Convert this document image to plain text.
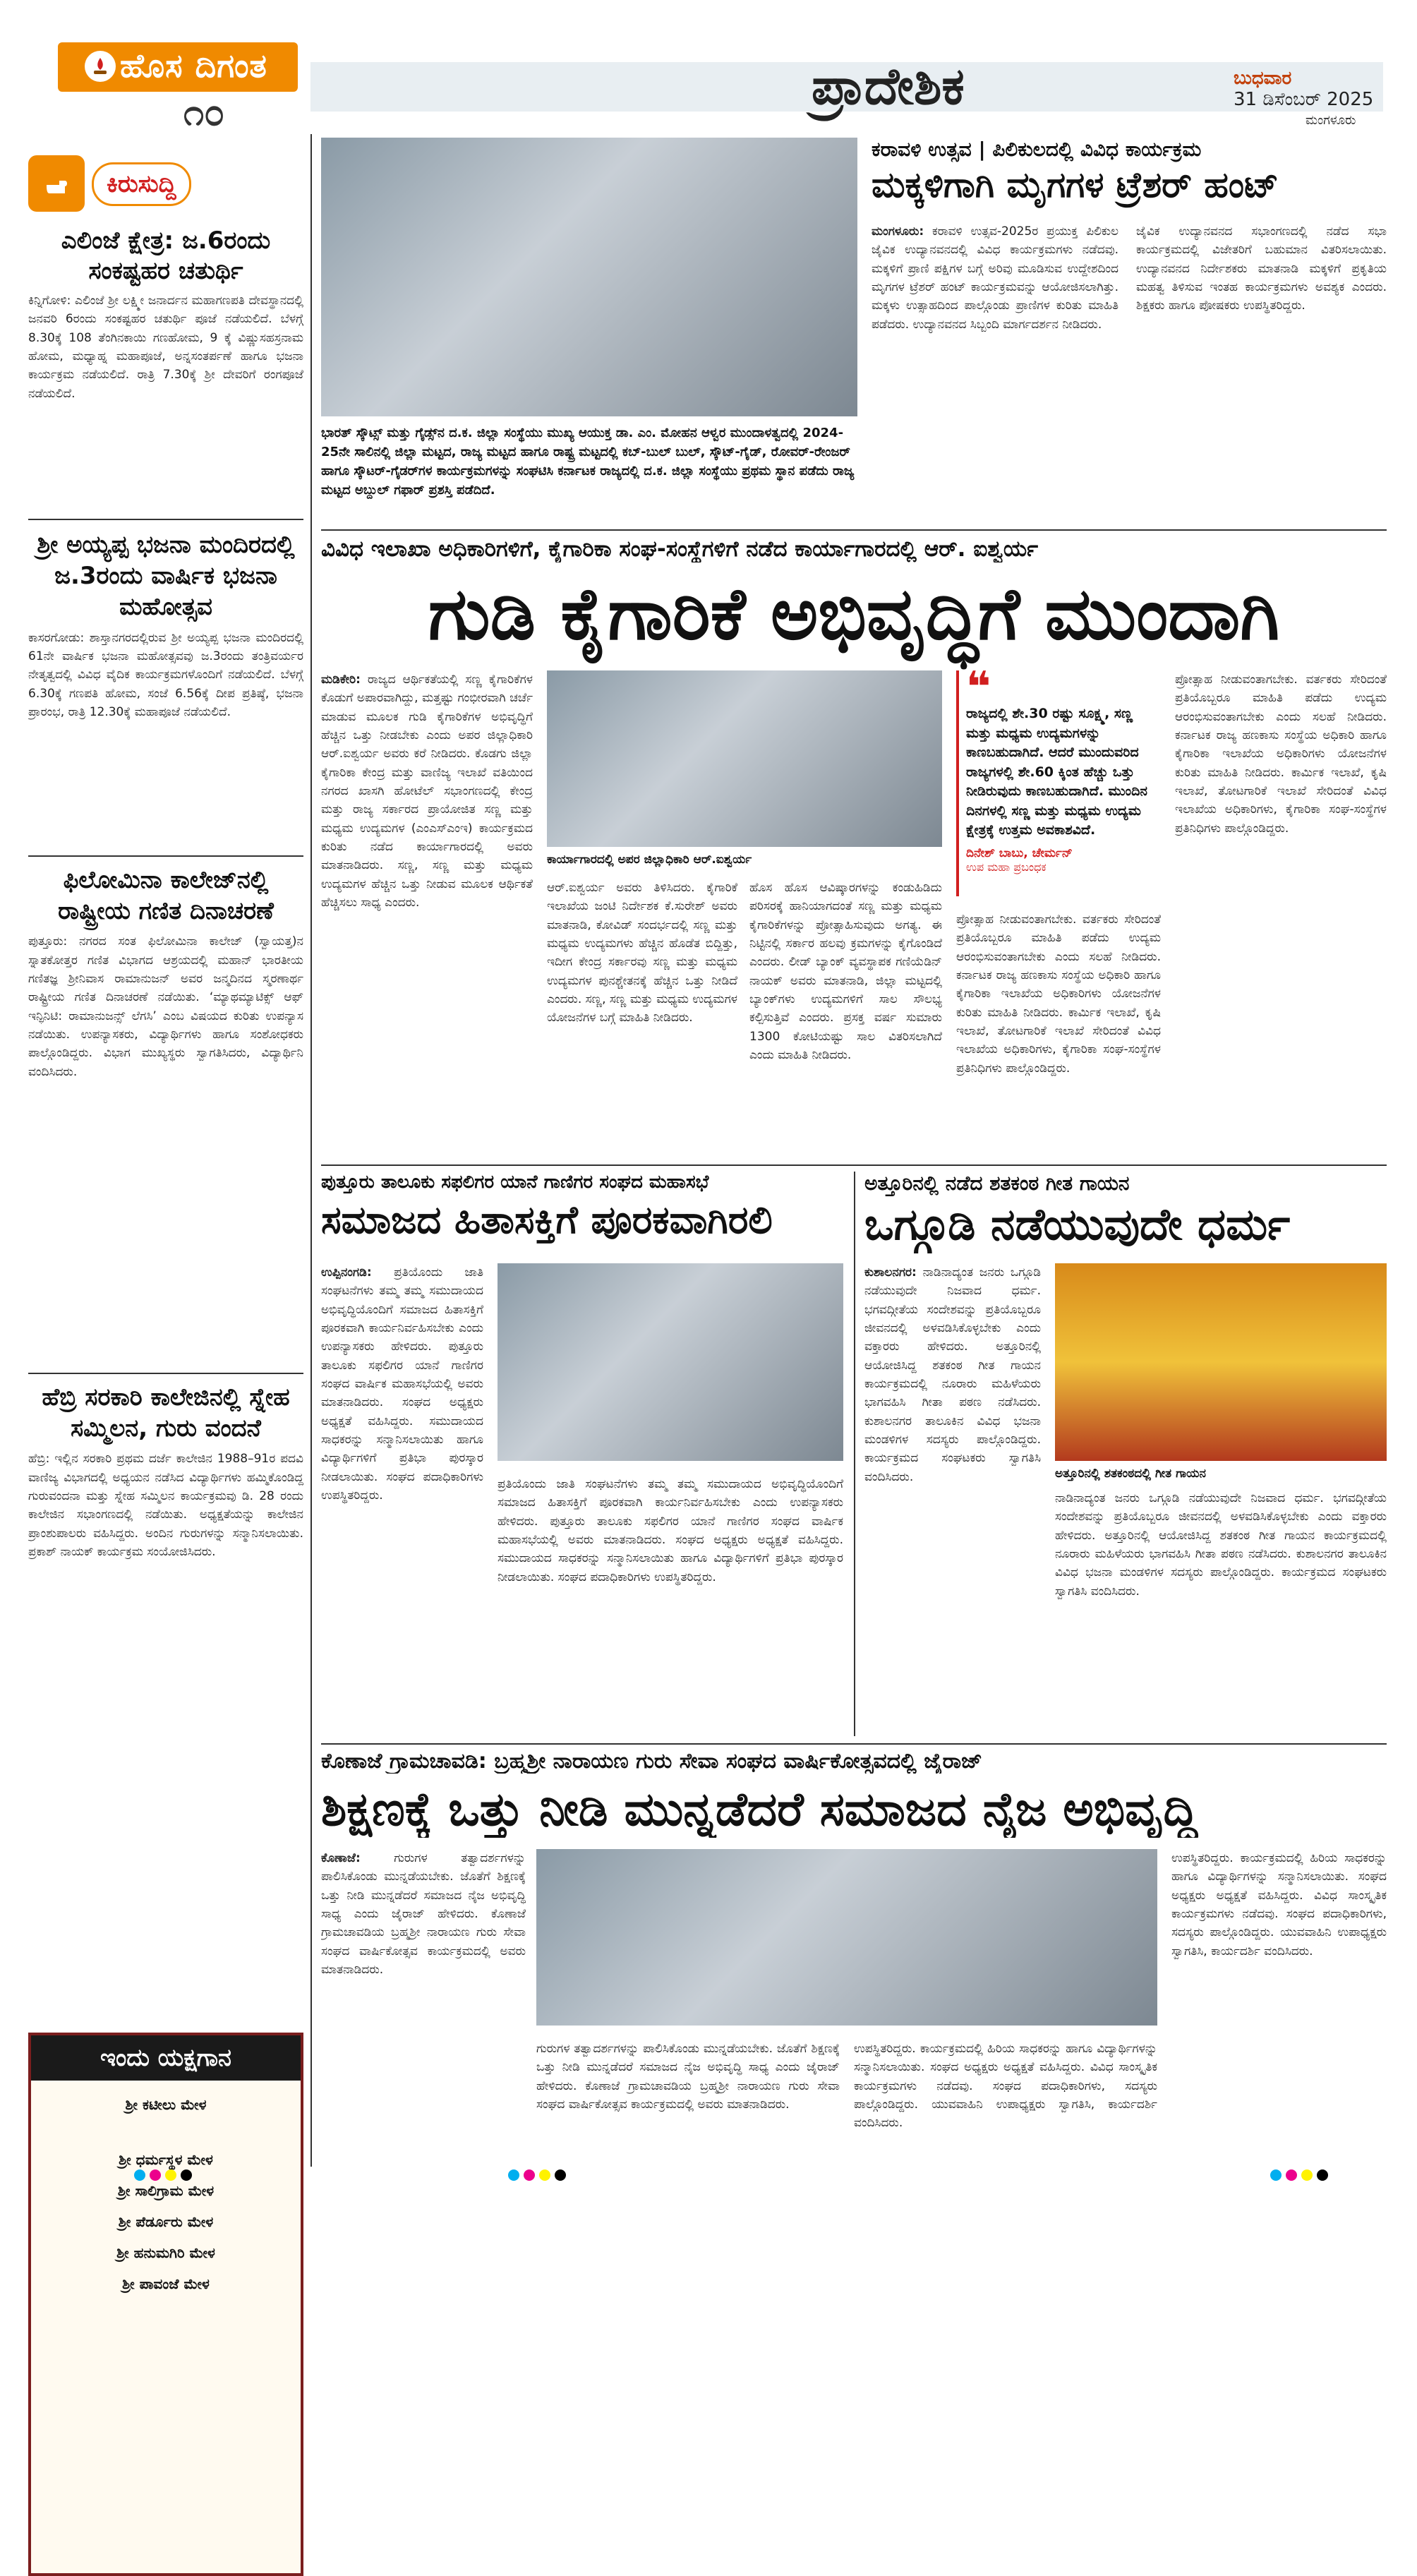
ಹೊಸ ದಿಗಂತ
೧೦	ಪ್ರಾದೇಶಿಕ	ಬುಧವಾರ
31 ಡಿಸೆಂಬರ್ 2025
ಮಂಗಳೂರು
ಕಿರುಸುದ್ದಿ
ಎಲಿಂಜೆ ಕ್ಷೇತ್ರ: ಜ.6ರಂದು ಸಂಕಷ್ಟಹರ ಚತುರ್ಥಿ
ಕಿನ್ನಿಗೋಳಿ: ಎಲಿಂಜೆ ಶ್ರೀ ಲಕ್ಷ್ಮೀ ಜನಾರ್ದನ ಮಹಾಗಣಪತಿ ದೇವಸ್ಥಾನದಲ್ಲಿ ಜನವರಿ 6ರಂದು ಸಂಕಷ್ಟಹರ ಚತುರ್ಥಿ ಪೂಜೆ ನಡೆಯಲಿದೆ. ಬೆಳಗ್ಗೆ 8.30ಕ್ಕೆ 108 ತೆಂಗಿನಕಾಯಿ ಗಣಹೋಮ, 9 ಕ್ಕೆ ವಿಷ್ಣುಸಹಸ್ರನಾಮ ಹೋಮ, ಮಧ್ಯಾಹ್ನ ಮಹಾಪೂಜೆ, ಅನ್ನಸಂತರ್ಪಣೆ ಹಾಗೂ ಭಜನಾ ಕಾರ್ಯಕ್ರಮ ನಡೆಯಲಿದೆ. ರಾತ್ರಿ 7.30ಕ್ಕೆ ಶ್ರೀ ದೇವರಿಗೆ ರಂಗಪೂಜೆ ನಡೆಯಲಿದೆ.
ಶ್ರೀ ಅಯ್ಯಪ್ಪ ಭಜನಾ ಮಂದಿರದಲ್ಲಿ ಜ.3ರಂದು ವಾರ್ಷಿಕ ಭಜನಾ ಮಹೋತ್ಸವ
ಕಾಸರಗೋಡು: ಶಾಸ್ತಾನಗರದಲ್ಲಿರುವ ಶ್ರೀ ಅಯ್ಯಪ್ಪ ಭಜನಾ ಮಂದಿರದಲ್ಲಿ 61ನೇ ವಾರ್ಷಿಕ ಭಜನಾ ಮಹೋತ್ಸವವು ಜ.3ರಂದು ತಂತ್ರಿವರ್ಯರ ನೇತೃತ್ವದಲ್ಲಿ ವಿವಿಧ ವೈದಿಕ ಕಾರ್ಯಕ್ರಮಗಳೊಂದಿಗೆ ನಡೆಯಲಿದೆ. ಬೆಳಗ್ಗೆ 6.30ಕ್ಕೆ ಗಣಪತಿ ಹೋಮ, ಸಂಜೆ 6.56ಕ್ಕೆ ದೀಪ ಪ್ರತಿಷ್ಠೆ, ಭಜನಾ ಪ್ರಾರಂಭ, ರಾತ್ರಿ 12.30ಕ್ಕೆ ಮಹಾಪೂಜೆ ನಡೆಯಲಿದೆ.
ಫಿಲೋಮಿನಾ ಕಾಲೇಜ್‌ನಲ್ಲಿ ರಾಷ್ಟ್ರೀಯ ಗಣಿತ ದಿನಾಚರಣೆ
ಪುತ್ತೂರು: ನಗರದ ಸಂತ ಫಿಲೋಮಿನಾ ಕಾಲೇಜ್ (ಸ್ವಾಯತ್ತ)ನ ಸ್ನಾತಕೋತ್ತರ ಗಣಿತ ವಿಭಾಗದ ಆಶ್ರಯದಲ್ಲಿ ಮಹಾನ್ ಭಾರತೀಯ ಗಣಿತಜ್ಞ ಶ್ರೀನಿವಾಸ ರಾಮಾನುಜನ್ ಅವರ ಜನ್ಮದಿನದ ಸ್ಮರಣಾರ್ಥ ರಾಷ್ಟ್ರೀಯ ಗಣಿತ ದಿನಾಚರಣೆ ನಡೆಯಿತು. ‘ಮ್ಯಾಥಮ್ಯಾಟಿಕ್ಸ್ ಆಫ್ ಇನ್ಫಿನಿಟಿ: ರಾಮಾನುಜನ್ಸ್ ಲೆಗಸಿ’ ಎಂಬ ವಿಷಯದ ಕುರಿತು ಉಪನ್ಯಾಸ ನಡೆಯಿತು. ಉಪನ್ಯಾಸಕರು, ವಿದ್ಯಾರ್ಥಿಗಳು ಹಾಗೂ ಸಂಶೋಧಕರು ಪಾಲ್ಗೊಂಡಿದ್ದರು. ವಿಭಾಗ ಮುಖ್ಯಸ್ಥರು ಸ್ವಾಗತಿಸಿದರು, ವಿದ್ಯಾರ್ಥಿನಿ ವಂದಿಸಿದರು.
ಹೆಬ್ರಿ ಸರಕಾರಿ ಕಾಲೇಜಿನಲ್ಲಿ ಸ್ನೇಹ ಸಮ್ಮಿಲನ, ಗುರು ವಂದನೆ
ಹೆಬ್ರಿ: ಇಲ್ಲಿನ ಸರಕಾರಿ ಪ್ರಥಮ ದರ್ಜೆ ಕಾಲೇಜಿನ 1988–91ರ ಪದವಿ ವಾಣಿಜ್ಯ ವಿಭಾಗದಲ್ಲಿ ಅಧ್ಯಯನ ನಡೆಸಿದ ವಿದ್ಯಾರ್ಥಿಗಳು ಹಮ್ಮಿಕೊಂಡಿದ್ದ ಗುರುವಂದನಾ ಮತ್ತು ಸ್ನೇಹ ಸಮ್ಮಿಲನ ಕಾರ್ಯಕ್ರಮವು ಡಿ. 28 ರಂದು ಕಾಲೇಜಿನ ಸಭಾಂಗಣದಲ್ಲಿ ನಡೆಯಿತು. ಅಧ್ಯಕ್ಷತೆಯನ್ನು ಕಾಲೇಜಿನ ಪ್ರಾಂಶುಪಾಲರು ವಹಿಸಿದ್ದರು. ಅಂದಿನ ಗುರುಗಳನ್ನು ಸನ್ಮಾನಿಸಲಾಯಿತು. ಪ್ರಕಾಶ್ ನಾಯಕ್ ಕಾರ್ಯಕ್ರಮ ಸಂಯೋಜಿಸಿದರು.
ಇಂದು ಯಕ್ಷಗಾನ
ಶ್ರೀ ಕಟೀಲು ಮೇಳ
ಶ್ರೀ ಧರ್ಮಸ್ಥಳ ಮೇಳ
ಶ್ರೀ ಸಾಲಿಗ್ರಾಮ ಮೇಳ
ಶ್ರೀ ಪೆರ್ಡೂರು ಮೇಳ
ಶ್ರೀ ಹನುಮಗಿರಿ ಮೇಳ
ಶ್ರೀ ಪಾವಂಜೆ ಮೇಳ
ಭಾರತ್ ಸ್ಕೌಟ್ಸ್ ಮತ್ತು ಗೈಡ್ಸ್‌ನ ದ.ಕ. ಜಿಲ್ಲಾ ಸಂಸ್ಥೆಯು ಮುಖ್ಯ ಆಯುಕ್ತ ಡಾ. ಎಂ. ಮೋಹನ ಆಳ್ವರ ಮುಂದಾಳತ್ವದಲ್ಲಿ 2024-25ನೇ ಸಾಲಿನಲ್ಲಿ ಜಿಲ್ಲಾ ಮಟ್ಟದ, ರಾಜ್ಯ ಮಟ್ಟದ ಹಾಗೂ ರಾಷ್ಟ್ರ ಮಟ್ಟದಲ್ಲಿ ಕಬ್-ಬುಲ್ ಬುಲ್, ಸ್ಕೌಟ್-ಗೈಡ್, ರೋವರ್-ರೇಂಜರ್ ಹಾಗೂ ಸ್ಕೌಟರ್-ಗೈಡರ್‌ಗಳ ಕಾರ್ಯಕ್ರಮಗಳನ್ನು ಸಂಘಟಿಸಿ ಕರ್ನಾಟಕ ರಾಜ್ಯದಲ್ಲಿ ದ.ಕ. ಜಿಲ್ಲಾ ಸಂಸ್ಥೆಯು ಪ್ರಥಮ ಸ್ಥಾನ ಪಡೆದು ರಾಜ್ಯ ಮಟ್ಟದ ಅಬ್ದುಲ್ ಗಫಾರ್ ಪ್ರಶಸ್ತಿ ಪಡೆದಿದೆ.
ಕರಾವಳಿ ಉತ್ಸವ | ಪಿಲಿಕುಲದಲ್ಲಿ ವಿವಿಧ ಕಾರ್ಯಕ್ರಮ
ಮಕ್ಕಳಿಗಾಗಿ ಮೃಗಗಳ ಟ್ರೆಶರ್ ಹಂಟ್
ಮಂಗಳೂರು: ಕರಾವಳಿ ಉತ್ಸವ-2025ರ ಪ್ರಯುಕ್ತ ಪಿಲಿಕುಲ ಜೈವಿಕ ಉದ್ಯಾನವನದಲ್ಲಿ ವಿವಿಧ ಕಾರ್ಯಕ್ರಮಗಳು ನಡೆದವು. ಮಕ್ಕಳಿಗೆ ಪ್ರಾಣಿ ಪಕ್ಷಿಗಳ ಬಗ್ಗೆ ಅರಿವು ಮೂಡಿಸುವ ಉದ್ದೇಶದಿಂದ ಮೃಗಗಳ ಟ್ರೆಶರ್ ಹಂಟ್ ಕಾರ್ಯಕ್ರಮವನ್ನು ಆಯೋಜಿಸಲಾಗಿತ್ತು. ಮಕ್ಕಳು ಉತ್ಸಾಹದಿಂದ ಪಾಲ್ಗೊಂಡು ಪ್ರಾಣಿಗಳ ಕುರಿತು ಮಾಹಿತಿ ಪಡೆದರು. ಉದ್ಯಾನವನದ ಸಿಬ್ಬಂದಿ ಮಾರ್ಗದರ್ಶನ ನೀಡಿದರು.
ಜೈವಿಕ ಉದ್ಯಾನವನದ ಸಭಾಂಗಣದಲ್ಲಿ ನಡೆದ ಸಭಾ ಕಾರ್ಯಕ್ರಮದಲ್ಲಿ ವಿಜೇತರಿಗೆ ಬಹುಮಾನ ವಿತರಿಸಲಾಯಿತು. ಉದ್ಯಾನವನದ ನಿರ್ದೇಶಕರು ಮಾತನಾಡಿ ಮಕ್ಕಳಿಗೆ ಪ್ರಕೃತಿಯ ಮಹತ್ವ ತಿಳಿಸುವ ಇಂತಹ ಕಾರ್ಯಕ್ರಮಗಳು ಅವಶ್ಯಕ ಎಂದರು. ಶಿಕ್ಷಕರು ಹಾಗೂ ಪೋಷಕರು ಉಪಸ್ಥಿತರಿದ್ದರು.
ವಿವಿಧ ಇಲಾಖಾ ಅಧಿಕಾರಿಗಳಿಗೆ, ಕೈಗಾರಿಕಾ ಸಂಘ-ಸಂಸ್ಥೆಗಳಿಗೆ ನಡೆದ ಕಾರ್ಯಾಗಾರದಲ್ಲಿ ಆರ್. ಐಶ್ವರ್ಯ
ಗುಡಿ ಕೈಗಾರಿಕೆ ಅಭಿವೃದ್ಧಿಗೆ ಮುಂದಾಗಿ
ಮಡಿಕೇರಿ: ರಾಜ್ಯದ ಆರ್ಥಿಕತೆಯಲ್ಲಿ ಸಣ್ಣ ಕೈಗಾರಿಕೆಗಳ ಕೊಡುಗೆ ಅಪಾರವಾಗಿದ್ದು, ಮತ್ತಷ್ಟು ಗಂಭೀರವಾಗಿ ಚರ್ಚೆ ಮಾಡುವ ಮೂಲಕ ಗುಡಿ ಕೈಗಾರಿಕೆಗಳ ಅಭಿವೃದ್ಧಿಗೆ ಹೆಚ್ಚಿನ ಒತ್ತು ನೀಡಬೇಕು ಎಂದು ಅಪರ ಜಿಲ್ಲಾಧಿಕಾರಿ ಆರ್.ಐಶ್ವರ್ಯ ಅವರು ಕರೆ ನೀಡಿದರು. ಕೊಡಗು ಜಿಲ್ಲಾ ಕೈಗಾರಿಕಾ ಕೇಂದ್ರ ಮತ್ತು ವಾಣಿಜ್ಯ ಇಲಾಖೆ ವತಿಯಿಂದ ನಗರದ ಖಾಸಗಿ ಹೋಟೆಲ್ ಸಭಾಂಗಣದಲ್ಲಿ ಕೇಂದ್ರ ಮತ್ತು ರಾಜ್ಯ ಸರ್ಕಾರದ ಪ್ರಾಯೋಜಿತ ಸಣ್ಣ ಮತ್ತು ಮಧ್ಯಮ ಉದ್ಯಮಗಳ (ಎಂಎಸ್‌ಎಂಇ) ಕಾರ್ಯಕ್ರಮದ ಕುರಿತು ನಡೆದ ಕಾರ್ಯಾಗಾರದಲ್ಲಿ ಅವರು ಮಾತನಾಡಿದರು. ಸಣ್ಣ, ಸಣ್ಣ ಮತ್ತು ಮಧ್ಯಮ ಉದ್ಯಮಗಳ ಹೆಚ್ಚಿನ ಒತ್ತು ನೀಡುವ ಮೂಲಕ ಆರ್ಥಿಕತೆ ಹೆಚ್ಚಿಸಲು ಸಾಧ್ಯ ಎಂದರು.
ಕಾರ್ಯಾಗಾರದಲ್ಲಿ ಅಪರ ಜಿಲ್ಲಾಧಿಕಾರಿ ಆರ್.ಐಶ್ವರ್ಯ
ಆರ್.ಐಶ್ವರ್ಯ ಅವರು ತಿಳಿಸಿದರು. ಕೈಗಾರಿಕೆ ಇಲಾಖೆಯ ಜಂಟಿ ನಿರ್ದೇಶಕ ಕೆ.ಸುರೇಶ್ ಅವರು ಮಾತನಾಡಿ, ಕೋವಿಡ್ ಸಂದರ್ಭದಲ್ಲಿ ಸಣ್ಣ ಮತ್ತು ಮಧ್ಯಮ ಉದ್ಯಮಗಳು ಹೆಚ್ಚಿನ ಹೊಡೆತ ಬಿದ್ದಿತ್ತು, ಇದೀಗ ಕೇಂದ್ರ ಸರ್ಕಾರವು ಸಣ್ಣ ಮತ್ತು ಮಧ್ಯಮ ಉದ್ಯಮಗಳ ಪುನಶ್ಚೇತನಕ್ಕೆ ಹೆಚ್ಚಿನ ಒತ್ತು ನೀಡಿದೆ ಎಂದರು. ಸಣ್ಣ, ಸಣ್ಣ ಮತ್ತು ಮಧ್ಯಮ ಉದ್ಯಮಗಳ ಯೋಜನೆಗಳ ಬಗ್ಗೆ ಮಾಹಿತಿ ನೀಡಿದರು.
ಹೊಸ ಹೊಸ ಆವಿಷ್ಕಾರಗಳನ್ನು ಕಂಡುಹಿಡಿದು ಪರಿಸರಕ್ಕೆ ಹಾನಿಯಾಗದಂತೆ ಸಣ್ಣ ಮತ್ತು ಮಧ್ಯಮ ಕೈಗಾರಿಕೆಗಳನ್ನು ಪ್ರೋತ್ಸಾಹಿಸುವುದು ಅಗತ್ಯ. ಈ ನಿಟ್ಟಿನಲ್ಲಿ ಸರ್ಕಾರ ಹಲವು ಕ್ರಮಗಳನ್ನು ಕೈಗೊಂಡಿದೆ ಎಂದರು. ಲೀಡ್ ಬ್ಯಾಂಕ್ ವ್ಯವಸ್ಥಾಪಕ ಗಣಿಯೆಡಿನ್ ನಾಯಕ್ ಅವರು ಮಾತನಾಡಿ, ಜಿಲ್ಲಾ ಮಟ್ಟದಲ್ಲಿ ಬ್ಯಾಂಕ್‌ಗಳು ಉದ್ಯಮಗಳಿಗೆ ಸಾಲ ಸೌಲಭ್ಯ ಕಲ್ಪಿಸುತ್ತಿವೆ ಎಂದರು. ಪ್ರಸಕ್ತ ವರ್ಷ ಸುಮಾರು 1300 ಕೋಟಿಯಷ್ಟು ಸಾಲ ವಿತರಿಸಲಾಗಿದೆ ಎಂದು ಮಾಹಿತಿ ನೀಡಿದರು.
❝
ರಾಜ್ಯದಲ್ಲಿ ಶೇ.30 ರಷ್ಟು ಸೂಕ್ಷ್ಮ, ಸಣ್ಣ ಮತ್ತು ಮಧ್ಯಮ ಉದ್ಯಮಗಳನ್ನು ಕಾಣಬಹುದಾಗಿದೆ. ಆದರೆ ಮುಂದುವರಿದ ರಾಜ್ಯಗಳಲ್ಲಿ ಶೇ.60 ಕ್ಕಿಂತ ಹೆಚ್ಚು ಒತ್ತು ನೀಡಿರುವುದು ಕಾಣಬಹುದಾಗಿದೆ. ಮುಂದಿನ ದಿನಗಳಲ್ಲಿ ಸಣ್ಣ ಮತ್ತು ಮಧ್ಯಮ ಉದ್ಯಮ ಕ್ಷೇತ್ರಕ್ಕೆ ಉತ್ತಮ ಅವಕಾಶವಿದೆ.
ದಿನೇಶ್ ಬಾಬು, ಚೇರ್ಮನ್
ಉಪ ಮಹಾ ಪ್ರಬಂಧಕ
ಪ್ರೋತ್ಸಾಹ ನೀಡುವಂತಾಗಬೇಕು. ವರ್ತಕರು ಸೇರಿದಂತೆ ಪ್ರತಿಯೊಬ್ಬರೂ ಮಾಹಿತಿ ಪಡೆದು ಉದ್ಯಮ ಆರಂಭಿಸುವಂತಾಗಬೇಕು ಎಂದು ಸಲಹೆ ನೀಡಿದರು. ಕರ್ನಾಟಕ ರಾಜ್ಯ ಹಣಕಾಸು ಸಂಸ್ಥೆಯ ಅಧಿಕಾರಿ ಹಾಗೂ ಕೈಗಾರಿಕಾ ಇಲಾಖೆಯ ಅಧಿಕಾರಿಗಳು ಯೋಜನೆಗಳ ಕುರಿತು ಮಾಹಿತಿ ನೀಡಿದರು. ಕಾರ್ಮಿಕ ಇಲಾಖೆ, ಕೃಷಿ ಇಲಾಖೆ, ತೋಟಗಾರಿಕೆ ಇಲಾಖೆ ಸೇರಿದಂತೆ ವಿವಿಧ ಇಲಾಖೆಯ ಅಧಿಕಾರಿಗಳು, ಕೈಗಾರಿಕಾ ಸಂಘ-ಸಂಸ್ಥೆಗಳ ಪ್ರತಿನಿಧಿಗಳು ಪಾಲ್ಗೊಂಡಿದ್ದರು.
ಪ್ರೋತ್ಸಾಹ ನೀಡುವಂತಾಗಬೇಕು. ವರ್ತಕರು ಸೇರಿದಂತೆ ಪ್ರತಿಯೊಬ್ಬರೂ ಮಾಹಿತಿ ಪಡೆದು ಉದ್ಯಮ ಆರಂಭಿಸುವಂತಾಗಬೇಕು ಎಂದು ಸಲಹೆ ನೀಡಿದರು. ಕರ್ನಾಟಕ ರಾಜ್ಯ ಹಣಕಾಸು ಸಂಸ್ಥೆಯ ಅಧಿಕಾರಿ ಹಾಗೂ ಕೈಗಾರಿಕಾ ಇಲಾಖೆಯ ಅಧಿಕಾರಿಗಳು ಯೋಜನೆಗಳ ಕುರಿತು ಮಾಹಿತಿ ನೀಡಿದರು. ಕಾರ್ಮಿಕ ಇಲಾಖೆ, ಕೃಷಿ ಇಲಾಖೆ, ತೋಟಗಾರಿಕೆ ಇಲಾಖೆ ಸೇರಿದಂತೆ ವಿವಿಧ ಇಲಾಖೆಯ ಅಧಿಕಾರಿಗಳು, ಕೈಗಾರಿಕಾ ಸಂಘ-ಸಂಸ್ಥೆಗಳ ಪ್ರತಿನಿಧಿಗಳು ಪಾಲ್ಗೊಂಡಿದ್ದರು.
ಪುತ್ತೂರು ತಾಲೂಕು ಸಫಲಿಗರ ಯಾನೆ ಗಾಣಿಗರ ಸಂಘದ ಮಹಾಸಭೆ
ಸಮಾಜದ ಹಿತಾಸಕ್ತಿಗೆ ಪೂರಕವಾಗಿರಲಿ
ಉಪ್ಪಿನಂಗಡಿ: ಪ್ರತಿಯೊಂದು ಜಾತಿ ಸಂಘಟನೆಗಳು ತಮ್ಮ ತಮ್ಮ ಸಮುದಾಯದ ಅಭಿವೃದ್ಧಿಯೊಂದಿಗೆ ಸಮಾಜದ ಹಿತಾಸಕ್ತಿಗೆ ಪೂರಕವಾಗಿ ಕಾರ್ಯನಿರ್ವಹಿಸಬೇಕು ಎಂದು ಉಪನ್ಯಾಸಕರು ಹೇಳಿದರು. ಪುತ್ತೂರು ತಾಲೂಕು ಸಫಲಿಗರ ಯಾನೆ ಗಾಣಿಗರ ಸಂಘದ ವಾರ್ಷಿಕ ಮಹಾಸಭೆಯಲ್ಲಿ ಅವರು ಮಾತನಾಡಿದರು. ಸಂಘದ ಅಧ್ಯಕ್ಷರು ಅಧ್ಯಕ್ಷತೆ ವಹಿಸಿದ್ದರು. ಸಮುದಾಯದ ಸಾಧಕರನ್ನು ಸನ್ಮಾನಿಸಲಾಯಿತು ಹಾಗೂ ವಿದ್ಯಾರ್ಥಿಗಳಿಗೆ ಪ್ರತಿಭಾ ಪುರಸ್ಕಾರ ನೀಡಲಾಯಿತು. ಸಂಘದ ಪದಾಧಿಕಾರಿಗಳು ಉಪಸ್ಥಿತರಿದ್ದರು.
ಪ್ರತಿಯೊಂದು ಜಾತಿ ಸಂಘಟನೆಗಳು ತಮ್ಮ ತಮ್ಮ ಸಮುದಾಯದ ಅಭಿವೃದ್ಧಿಯೊಂದಿಗೆ ಸಮಾಜದ ಹಿತಾಸಕ್ತಿಗೆ ಪೂರಕವಾಗಿ ಕಾರ್ಯನಿರ್ವಹಿಸಬೇಕು ಎಂದು ಉಪನ್ಯಾಸಕರು ಹೇಳಿದರು. ಪುತ್ತೂರು ತಾಲೂಕು ಸಫಲಿಗರ ಯಾನೆ ಗಾಣಿಗರ ಸಂಘದ ವಾರ್ಷಿಕ ಮಹಾಸಭೆಯಲ್ಲಿ ಅವರು ಮಾತನಾಡಿದರು. ಸಂಘದ ಅಧ್ಯಕ್ಷರು ಅಧ್ಯಕ್ಷತೆ ವಹಿಸಿದ್ದರು. ಸಮುದಾಯದ ಸಾಧಕರನ್ನು ಸನ್ಮಾನಿಸಲಾಯಿತು ಹಾಗೂ ವಿದ್ಯಾರ್ಥಿಗಳಿಗೆ ಪ್ರತಿಭಾ ಪುರಸ್ಕಾರ ನೀಡಲಾಯಿತು. ಸಂಘದ ಪದಾಧಿಕಾರಿಗಳು ಉಪಸ್ಥಿತರಿದ್ದರು.
ಅತ್ತೂರಿನಲ್ಲಿ ನಡೆದ ಶತಕಂಠ ಗೀತ ಗಾಯನ
ಒಗ್ಗೂಡಿ ನಡೆಯುವುದೇ ಧರ್ಮ
ಕುಶಾಲನಗರ: ನಾಡಿನಾದ್ಯಂತ ಜನರು ಒಗ್ಗೂಡಿ ನಡೆಯುವುದೇ ನಿಜವಾದ ಧರ್ಮ. ಭಗವದ್ಗೀತೆಯ ಸಂದೇಶವನ್ನು ಪ್ರತಿಯೊಬ್ಬರೂ ಜೀವನದಲ್ಲಿ ಅಳವಡಿಸಿಕೊಳ್ಳಬೇಕು ಎಂದು ವಕ್ತಾರರು ಹೇಳಿದರು. ಅತ್ತೂರಿನಲ್ಲಿ ಆಯೋಜಿಸಿದ್ದ ಶತಕಂಠ ಗೀತ ಗಾಯನ ಕಾರ್ಯಕ್ರಮದಲ್ಲಿ ನೂರಾರು ಮಹಿಳೆಯರು ಭಾಗವಹಿಸಿ ಗೀತಾ ಪಠಣ ನಡೆಸಿದರು. ಕುಶಾಲನಗರ ತಾಲೂಕಿನ ವಿವಿಧ ಭಜನಾ ಮಂಡಳಿಗಳ ಸದಸ್ಯರು ಪಾಲ್ಗೊಂಡಿದ್ದರು. ಕಾರ್ಯಕ್ರಮದ ಸಂಘಟಕರು ಸ್ವಾಗತಿಸಿ ವಂದಿಸಿದರು.	ಅತ್ತೂರಿನಲ್ಲಿ ಶತಕಂಠದಲ್ಲಿ ಗೀತ ಗಾಯನ
ನಾಡಿನಾದ್ಯಂತ ಜನರು ಒಗ್ಗೂಡಿ ನಡೆಯುವುದೇ ನಿಜವಾದ ಧರ್ಮ. ಭಗವದ್ಗೀತೆಯ ಸಂದೇಶವನ್ನು ಪ್ರತಿಯೊಬ್ಬರೂ ಜೀವನದಲ್ಲಿ ಅಳವಡಿಸಿಕೊಳ್ಳಬೇಕು ಎಂದು ವಕ್ತಾರರು ಹೇಳಿದರು. ಅತ್ತೂರಿನಲ್ಲಿ ಆಯೋಜಿಸಿದ್ದ ಶತಕಂಠ ಗೀತ ಗಾಯನ ಕಾರ್ಯಕ್ರಮದಲ್ಲಿ ನೂರಾರು ಮಹಿಳೆಯರು ಭಾಗವಹಿಸಿ ಗೀತಾ ಪಠಣ ನಡೆಸಿದರು. ಕುಶಾಲನಗರ ತಾಲೂಕಿನ ವಿವಿಧ ಭಜನಾ ಮಂಡಳಿಗಳ ಸದಸ್ಯರು ಪಾಲ್ಗೊಂಡಿದ್ದರು. ಕಾರ್ಯಕ್ರಮದ ಸಂಘಟಕರು ಸ್ವಾಗತಿಸಿ ವಂದಿಸಿದರು.
ಕೊಣಾಜೆ ಗ್ರಾಮಚಾವಡಿ: ಬ್ರಹ್ಮಶ್ರೀ ನಾರಾಯಣ ಗುರು ಸೇವಾ ಸಂಘದ ವಾರ್ಷಿಕೋತ್ಸವದಲ್ಲಿ ಜೈರಾಜ್
ಶಿಕ್ಷಣಕ್ಕೆ ಒತ್ತು ನೀಡಿ ಮುನ್ನಡೆದರೆ ಸಮಾಜದ ನೈಜ ಅಭಿವೃದ್ಧಿ
ಕೊಣಾಜೆ:	ಗುರುಗಳ ತತ್ವಾದರ್ಶಗಳನ್ನು ಪಾಲಿಸಿಕೊಂಡು ಮುನ್ನಡೆಯಬೇಕು. ಜೊತೆಗೆ ಶಿಕ್ಷಣಕ್ಕೆ ಒತ್ತು ನೀಡಿ ಮುನ್ನಡೆದರೆ ಸಮಾಜದ ನೈಜ ಅಭಿವೃದ್ಧಿ ಸಾಧ್ಯ ಎಂದು ಜೈರಾಜ್ ಹೇಳಿದರು. ಕೊಣಾಜೆ ಗ್ರಾಮಚಾವಡಿಯ ಬ್ರಹ್ಮಶ್ರೀ ನಾರಾಯಣ ಗುರು ಸೇವಾ ಸಂಘದ ವಾರ್ಷಿಕೋತ್ಸವ ಕಾರ್ಯಕ್ರಮದಲ್ಲಿ ಅವರು ಮಾತನಾಡಿದರು.
ಗುರುಗಳ ತತ್ವಾದರ್ಶಗಳನ್ನು ಪಾಲಿಸಿಕೊಂಡು ಮುನ್ನಡೆಯಬೇಕು. ಜೊತೆಗೆ ಶಿಕ್ಷಣಕ್ಕೆ ಒತ್ತು ನೀಡಿ ಮುನ್ನಡೆದರೆ ಸಮಾಜದ ನೈಜ ಅಭಿವೃದ್ಧಿ ಸಾಧ್ಯ ಎಂದು ಜೈರಾಜ್ ಹೇಳಿದರು. ಕೊಣಾಜೆ ಗ್ರಾಮಚಾವಡಿಯ ಬ್ರಹ್ಮಶ್ರೀ ನಾರಾಯಣ ಗುರು ಸೇವಾ ಸಂಘದ ವಾರ್ಷಿಕೋತ್ಸವ ಕಾರ್ಯಕ್ರಮದಲ್ಲಿ ಅವರು ಮಾತನಾಡಿದರು.
ಉಪಸ್ಥಿತರಿದ್ದರು. ಕಾರ್ಯಕ್ರಮದಲ್ಲಿ ಹಿರಿಯ ಸಾಧಕರನ್ನು ಹಾಗೂ ವಿದ್ಯಾರ್ಥಿಗಳನ್ನು ಸನ್ಮಾನಿಸಲಾಯಿತು. ಸಂಘದ ಅಧ್ಯಕ್ಷರು ಅಧ್ಯಕ್ಷತೆ ವಹಿಸಿದ್ದರು. ವಿವಿಧ ಸಾಂಸ್ಕೃತಿಕ ಕಾರ್ಯಕ್ರಮಗಳು ನಡೆದವು. ಸಂಘದ ಪದಾಧಿಕಾರಿಗಳು, ಸದಸ್ಯರು ಪಾಲ್ಗೊಂಡಿದ್ದರು. ಯುವವಾಹಿನಿ ಉಪಾಧ್ಯಕ್ಷರು ಸ್ವಾಗತಿಸಿ, ಕಾರ್ಯದರ್ಶಿ ವಂದಿಸಿದರು.
ಉಪಸ್ಥಿತರಿದ್ದರು. ಕಾರ್ಯಕ್ರಮದಲ್ಲಿ ಹಿರಿಯ ಸಾಧಕರನ್ನು ಹಾಗೂ ವಿದ್ಯಾರ್ಥಿಗಳನ್ನು ಸನ್ಮಾನಿಸಲಾಯಿತು. ಸಂಘದ ಅಧ್ಯಕ್ಷರು ಅಧ್ಯಕ್ಷತೆ ವಹಿಸಿದ್ದರು. ವಿವಿಧ ಸಾಂಸ್ಕೃತಿಕ ಕಾರ್ಯಕ್ರಮಗಳು ನಡೆದವು. ಸಂಘದ ಪದಾಧಿಕಾರಿಗಳು, ಸದಸ್ಯರು ಪಾಲ್ಗೊಂಡಿದ್ದರು. ಯುವವಾಹಿನಿ ಉಪಾಧ್ಯಕ್ಷರು ಸ್ವಾಗತಿಸಿ, ಕಾರ್ಯದರ್ಶಿ ವಂದಿಸಿದರು.
